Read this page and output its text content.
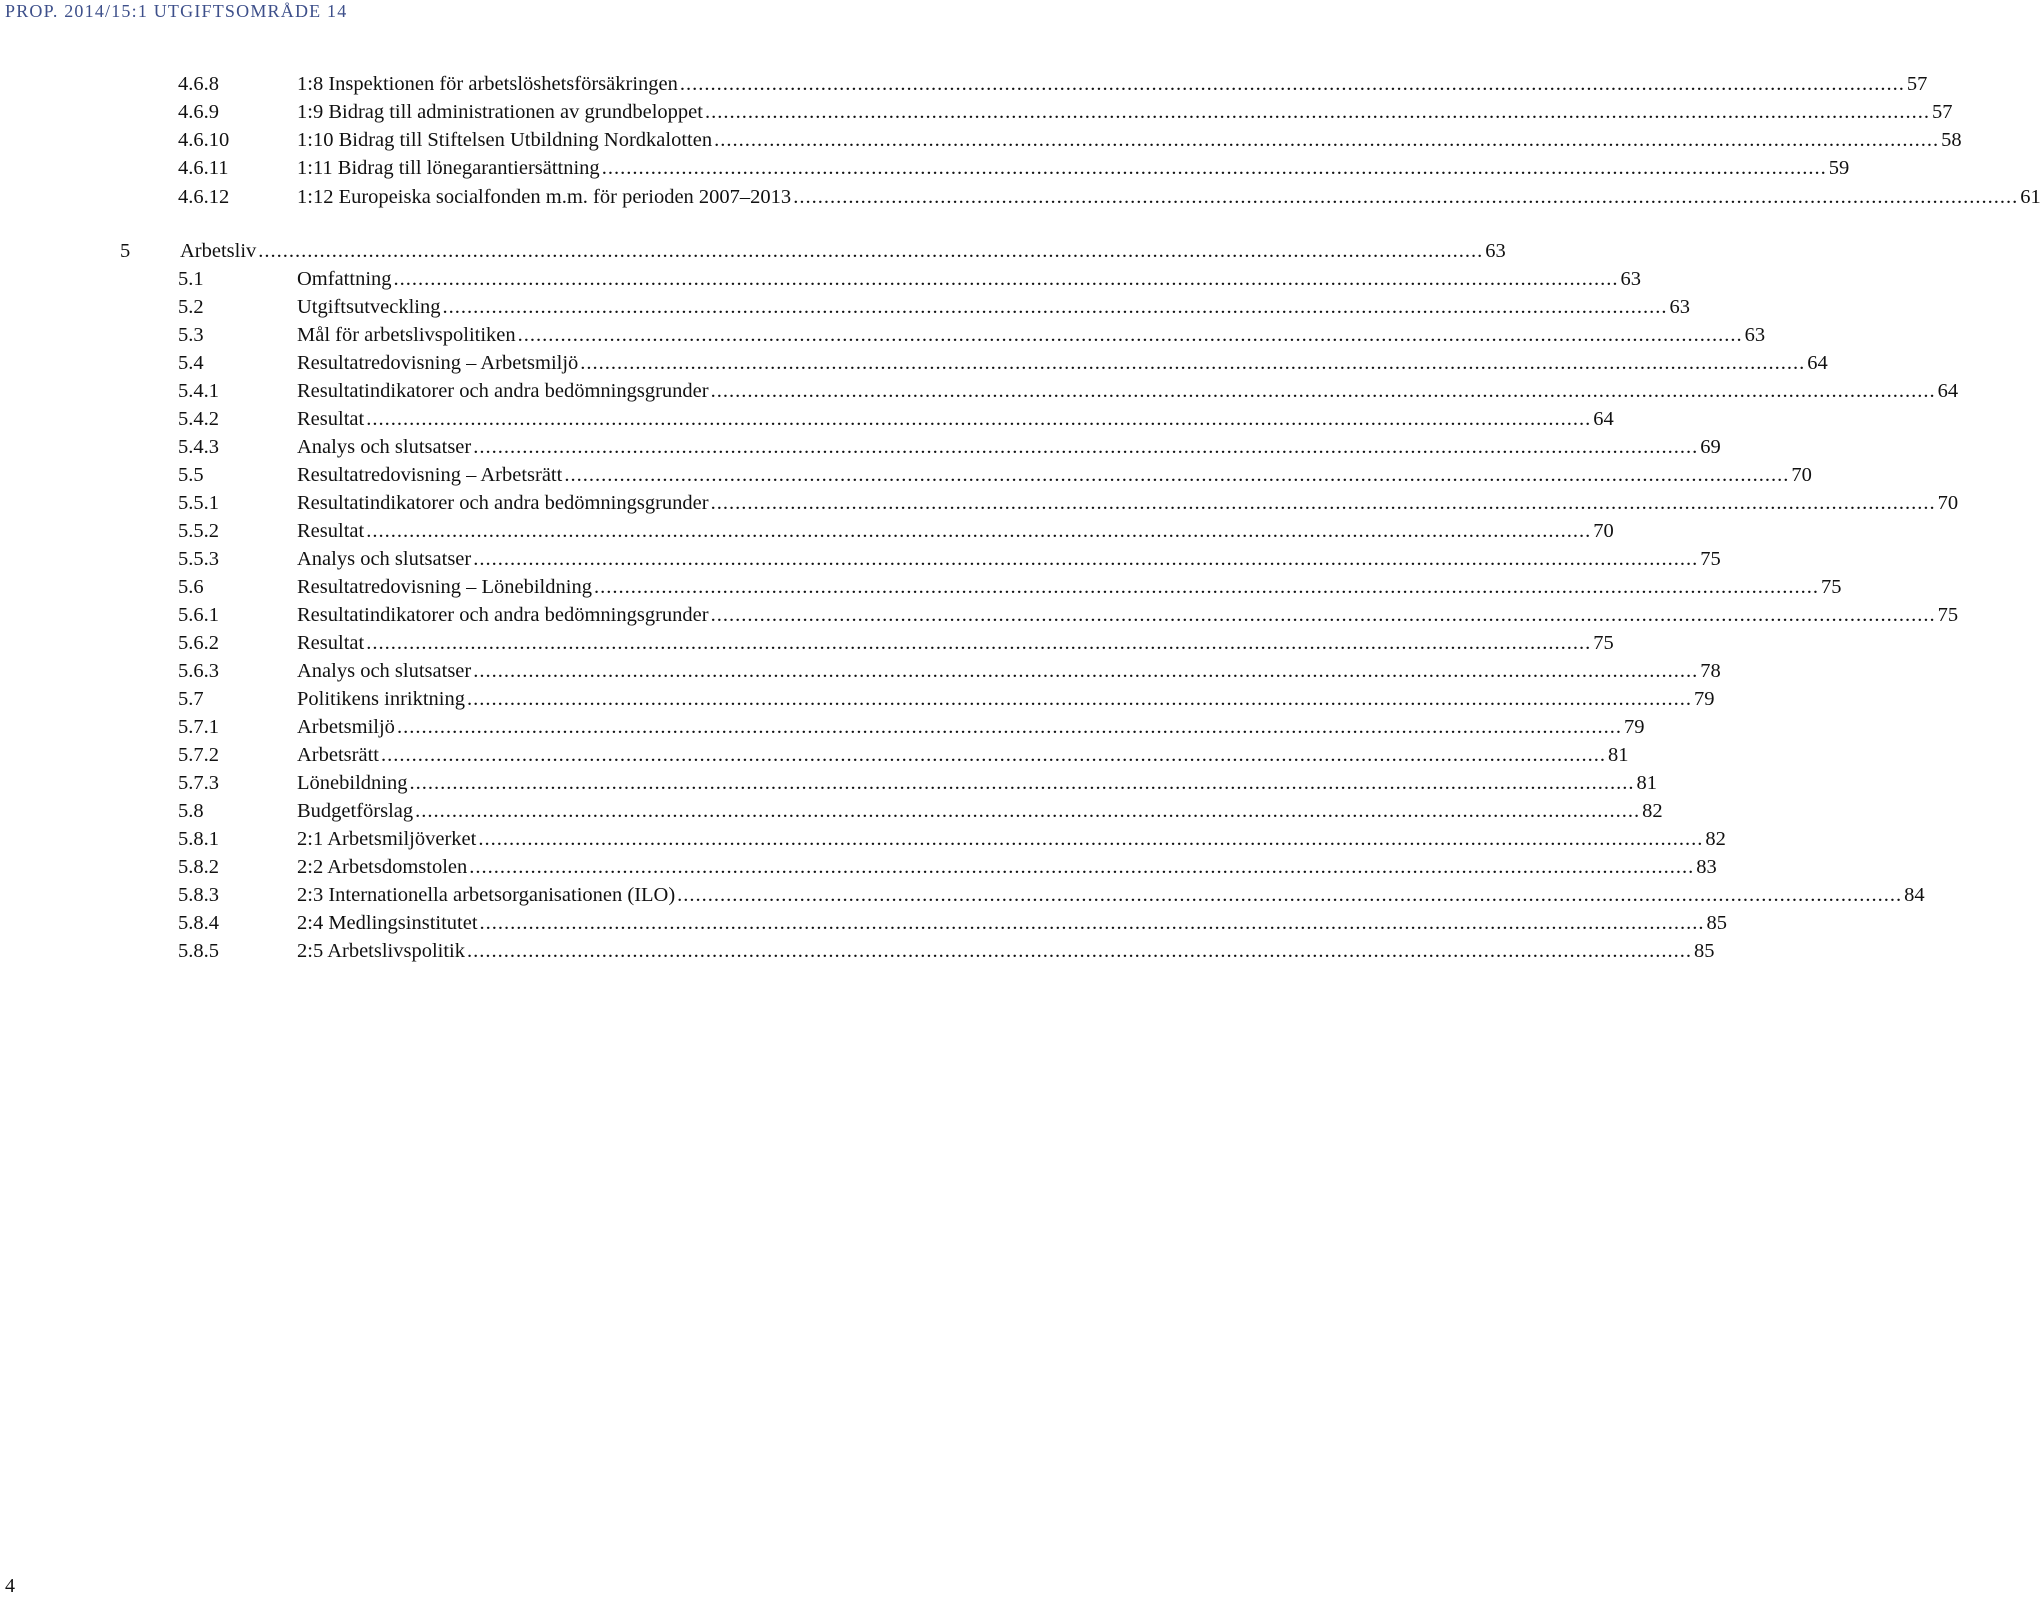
PROP. 2014/15:1 UTGIFTSOMRÅDE 14
4.6.8	1:8 Inspektionen för arbetslöshetsförsäkringen ........................................................................................................................................................................................................ 57
4.6.9	1:9 Bidrag till administrationen av grundbeloppet ........................................................................................................................................................................................................ 57
4.6.10	1:10 Bidrag till Stiftelsen Utbildning Nordkalotten ........................................................................................................................................................................................................ 58
4.6.11	1:11 Bidrag till lönegarantiersättning ........................................................................................................................................................................................................ 59
4.6.12	1:12 Europeiska socialfonden m.m. för perioden 2007–2013 ........................................................................................................................................................................................................ 61
5 Arbetsliv ........................................................................................................................................................................................................ 63
5.1	Omfattning ........................................................................................................................................................................................................ 63
5.2	Utgiftsutveckling ........................................................................................................................................................................................................ 63
5.3	Mål för arbetslivspolitiken ........................................................................................................................................................................................................ 63
5.4	Resultatredovisning – Arbetsmiljö ........................................................................................................................................................................................................ 64
5.4.1	Resultatindikatorer och andra bedömningsgrunder ........................................................................................................................................................................................................ 64
5.4.2	Resultat ........................................................................................................................................................................................................ 64
5.4.3	Analys och slutsatser ........................................................................................................................................................................................................ 69
5.5	Resultatredovisning – Arbetsrätt ........................................................................................................................................................................................................ 70
5.5.1	Resultatindikatorer och andra bedömningsgrunder ........................................................................................................................................................................................................ 70
5.5.2	Resultat ........................................................................................................................................................................................................ 70
5.5.3	Analys och slutsatser ........................................................................................................................................................................................................ 75
5.6	Resultatredovisning – Lönebildning ........................................................................................................................................................................................................ 75
5.6.1	Resultatindikatorer och andra bedömningsgrunder ........................................................................................................................................................................................................ 75
5.6.2	Resultat ........................................................................................................................................................................................................ 75
5.6.3	Analys och slutsatser ........................................................................................................................................................................................................ 78
5.7	Politikens inriktning ........................................................................................................................................................................................................ 79
5.7.1	Arbetsmiljö ........................................................................................................................................................................................................ 79
5.7.2	Arbetsrätt ........................................................................................................................................................................................................ 81
5.7.3	Lönebildning ........................................................................................................................................................................................................ 81
5.8	Budgetförslag ........................................................................................................................................................................................................ 82
5.8.1	2:1 Arbetsmiljöverket ........................................................................................................................................................................................................ 82
5.8.2	2:2 Arbetsdomstolen ........................................................................................................................................................................................................ 83
5.8.3	2:3 Internationella arbetsorganisationen (ILO) ........................................................................................................................................................................................................ 84
5.8.4	2:4 Medlingsinstitutet ........................................................................................................................................................................................................ 85
5.8.5	2:5 Arbetslivspolitik ........................................................................................................................................................................................................ 85
4
